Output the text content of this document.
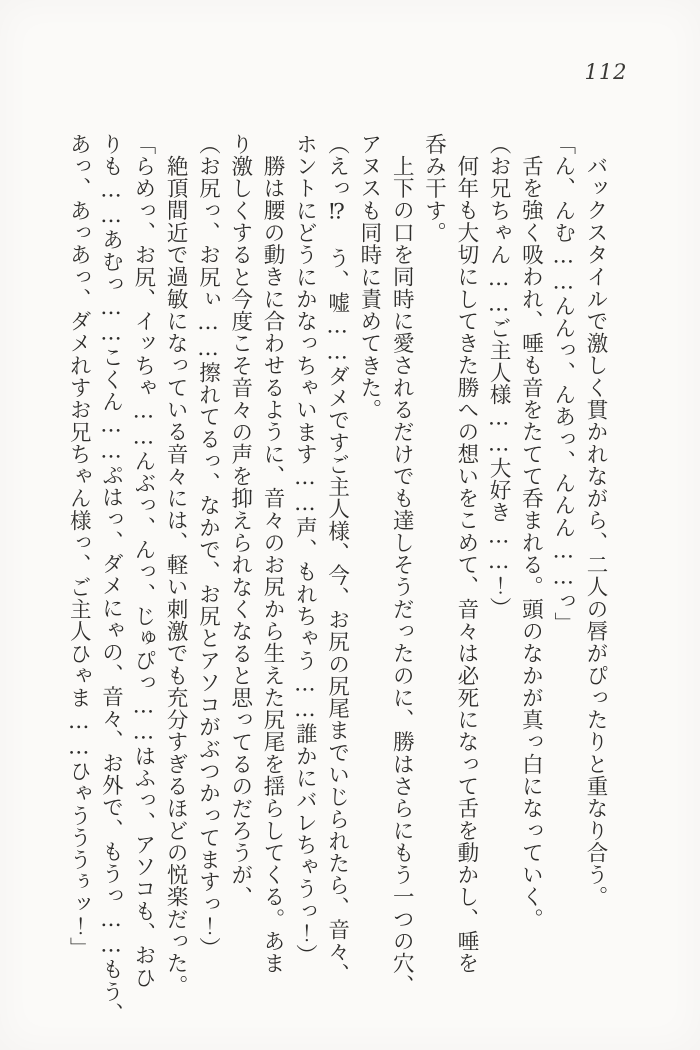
112

バックスタイルで激しく貫かれながら、二人の唇がぴったりと重なり合う。

「ん、んむ……んんっ、んあっ、んんん……っ」

舌を強く吸われ、唾も音をたてて呑まれる。頭のなかが真っ白になっていく。

（お兄ちゃん……ご主人様……大好き……！）

何年も大切にしてきた勝への想いをこめて、音々は必死になって舌を動かし、唾を

呑み干す。

上下の口を同時に愛されるだけでも達しそうだったのに、勝はさらにもう一つの穴、

アヌスも同時に責めてきた。

（えっ⁉　う、嘘……ダメですご主人様、今、お尻の尻尾までいじられたら、音々、

ホントにどうにかなっちゃいます……声、もれちゃう……誰かにバレちゃうっ！）

勝は腰の動きに合わせるように、音々のお尻から生えた尻尾を揺らしてくる。あま

り激しくすると今度こそ音々の声を抑えられなくなると思ってるのだろうが、

（お尻っ、お尻ぃ……擦れてるっ、なかで、お尻とアソコがぶつかってますっ！）

絶頂間近で過敏になっている音々には、軽い刺激でも充分すぎるほどの悦楽だった。

「らめっ、お尻、イッちゃ……んぶっ、んっ、じゅぴっ……はふっ、アソコも、おひ

りも……あむっ……こくん……ぷはっ、ダメにゃの、音々、お外で、もうっ……もう、

あっ、あっあっ、ダメれすお兄ちゃん様っ、ご主人ひゃま……ひゃうううぅッ！」
